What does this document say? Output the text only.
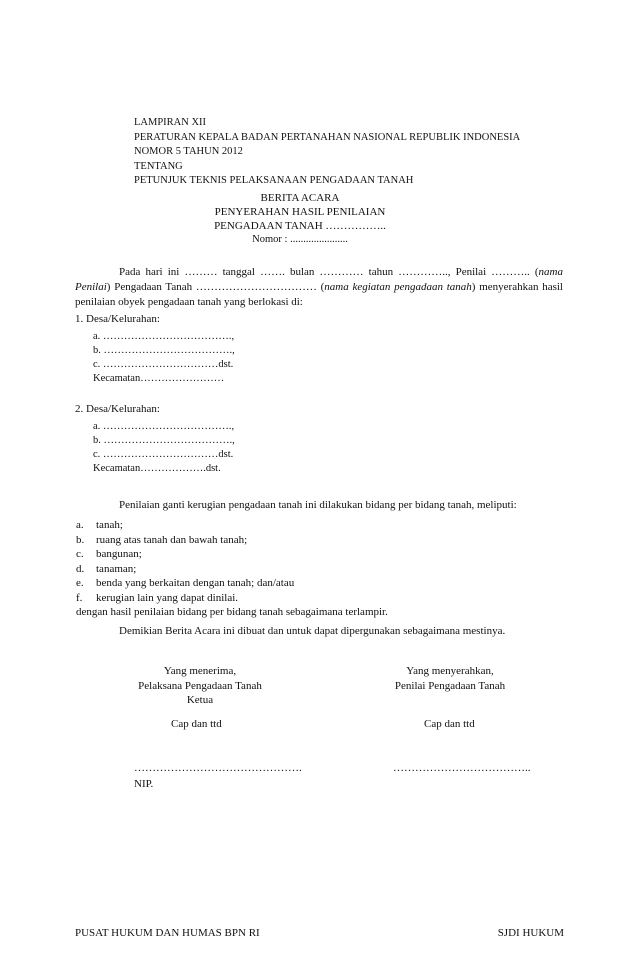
LAMPIRAN XII
PERATURAN KEPALA BADAN PERTANAHAN NASIONAL REPUBLIK INDONESIA
NOMOR 5 TAHUN 2012
TENTANG
PETUNJUK TEKNIS PELAKSANAAN PENGADAAN TANAH
BERITA ACARA
PENYERAHAN HASIL PENILAIAN
PENGADAAN TANAH ……………..
Nomor : ......................
Pada hari ini ……… tanggal ……. bulan ………… tahun ………….., Penilai ……….. (nama Penilai) Pengadaan Tanah …………………………… (nama kegiatan pengadaan tanah) menyerahkan hasil penilaian obyek pengadaan tanah yang berlokasi di:
1. Desa/Kelurahan:
a. ……………………………….,
b. ……………………………….,
c. ……………………………dst.
Kecamatan……………………
2. Desa/Kelurahan:
a. ……………………………….,
b. ……………………………….,
c. ……………………………dst.
Kecamatan……………….dst.
Penilaian ganti kerugian pengadaan tanah ini dilakukan bidang per bidang tanah, meliputi:
a. tanah;
b. ruang atas tanah dan bawah tanah;
c. bangunan;
d. tanaman;
e. benda yang berkaitan dengan tanah; dan/atau
f. kerugian lain yang dapat dinilai.
dengan hasil penilaian bidang per bidang tanah sebagaimana terlampir.
Demikian Berita Acara ini dibuat dan untuk dapat dipergunakan sebagaimana mestinya.
Yang menerima,
Pelaksana Pengadaan Tanah
Ketua
Cap dan ttd
……………………………………….
NIP.
Yang menyerahkan,
Penilai Pengadaan Tanah
Cap dan ttd
………………………………..
PUSAT HUKUM DAN HUMAS BPN RI	SJDI HUKUM
